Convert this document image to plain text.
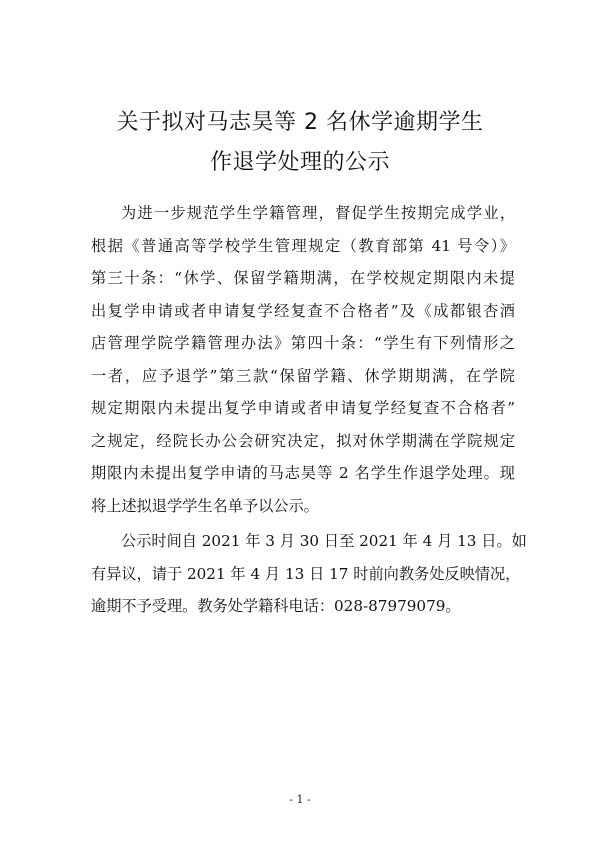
关于拟对马志昊等 2 名休学逾期学生
作退学处理的公示
为进一步规范学生学籍管理，督促学生按期完成学业，
根据《普通高等学校学生管理规定（教育部第 41 号令）》
第三十条：“休学、保留学籍期满，在学校规定期限内未提
出复学申请或者申请复学经复查不合格者”及《成都银杏酒
店管理学院学籍管理办法》第四十条：“学生有下列情形之
一者，应予退学”第三款“保留学籍、休学期期满，在学院
规定期限内未提出复学申请或者申请复学经复查不合格者”
之规定，经院长办公会研究决定，拟对休学期满在学院规定
期限内未提出复学申请的马志昊等 2 名学生作退学处理。现
将上述拟退学学生名单予以公示。
公示时间自 2021 年 3 月 30 日至 2021 年 4 月 13 日。如
有异议，请于 2021 年 4 月 13 日 17 时前向教务处反映情况，
逾期不予受理。教务处学籍科电话：028-87979079。
- 1 -
